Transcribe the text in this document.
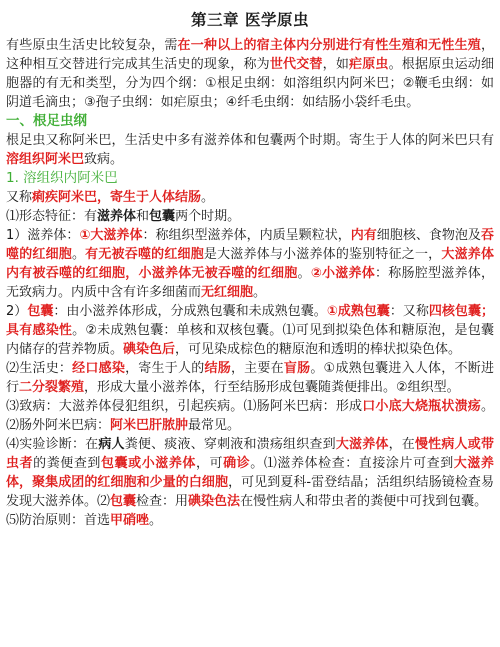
第三章 医学原虫

有些原虫生活史比较复杂，需在一种以上的宿主体内分别进行有性生殖和无性生殖，这种相互交替进行完成其生活史的现象，称为世代交替，如疟原虫。根据原虫运动细胞器的有无和类型，分为四个纲：①根足虫纲：如溶组织内阿米巴；②鞭毛虫纲：如阴道毛滴虫；③孢子虫纲：如疟原虫；④纤毛虫纲：如结肠小袋纤毛虫。

一、根足虫纲

根足虫又称阿米巴，生活史中多有滋养体和包囊两个时期。寄生于人体的阿米巴只有溶组织阿米巴致病。

1. 溶组织内阿米巴

又称痢疾阿米巴，寄生于人体结肠。

⑴形态特征：有滋养体和包囊两个时期。

1）滋养体：①大滋养体：称组织型滋养体，内质呈颗粒状，内有细胞核、食物泡及吞噬的红细胞。有无被吞噬的红细胞是大滋养体与小滋养体的鉴别特征之一，大滋养体内有被吞噬的红细胞，小滋养体无被吞噬的红细胞。②小滋养体：称肠腔型滋养体，无致病力。内质中含有许多细菌而无红细胞。

2）包囊：由小滋养体形成，分成熟包囊和未成熟包囊。①成熟包囊：又称四核包囊；具有感染性。②未成熟包囊：单核和双核包囊。⑴可见到拟染色体和糖原泡，是包囊内储存的营养物质。碘染色后，可见染成棕色的糖原泡和透明的棒状拟染色体。

⑵生活史：经口感染，寄生于人的结肠，主要在盲肠。①成熟包囊进入人体，不断进行二分裂繁殖，形成大量小滋养体，行至结肠形成包囊随粪便排出。②组织型。

⑶致病：大滋养体侵犯组织，引起疾病。⑴肠阿米巴病：形成口小底大烧瓶状溃疡。⑵肠外阿米巴病：阿米巴肝脓肿最常见。

⑷实验诊断：在病人粪便、痰液、穿刺液和溃疡组织查到大滋养体，在慢性病人或带虫者的粪便查到包囊或小滋养体，可确诊。⑴滋养体检查：直接涂片可查到大滋养体，聚集成团的红细胞和少量的白细胞，可见到夏科-雷登结晶；活组织结肠镜检查易发现大滋养体。⑵包囊检查：用碘染色法在慢性病人和带虫者的粪便中可找到包囊。

⑸防治原则：首选甲硝唑。
